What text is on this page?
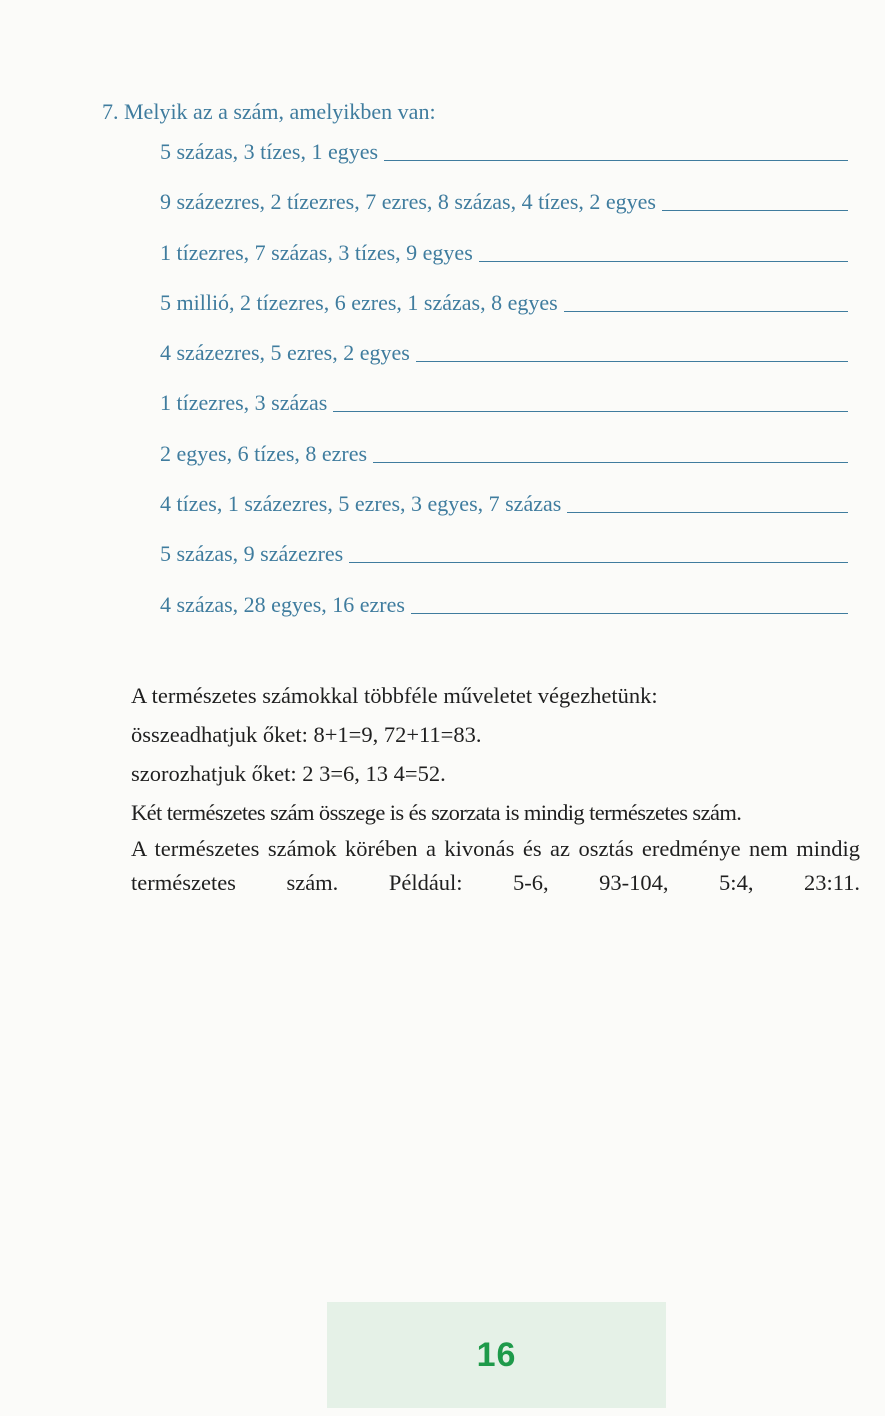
7. Melyik az a szám, amelyikben van:
5 százas, 3 tízes, 1 egyes
9 százezres, 2 tízezres, 7 ezres, 8 százas, 4 tízes, 2 egyes
1 tízezres, 7 százas, 3 tízes, 9 egyes
5 millió, 2 tízezres, 6 ezres, 1 százas, 8 egyes
4 százezres, 5 ezres, 2 egyes
1 tízezres, 3 százas
2 egyes, 6 tízes, 8 ezres
4 tízes, 1 százezres, 5 ezres, 3 egyes, 7 százas
5 százas, 9 százezres
4 százas, 28 egyes, 16 ezres

A természetes számokkal többféle műveletet végezhetünk:

összeadhatjuk őket: 8+1=9, 72+11=83.

szorozhatjuk őket: 2 3=6, 13 4=52.

Két természetes szám összege is és szorzata is mindig természetes szám.

A természetes számok körében a kivonás és az osztás eredménye nem mindig természetes szám. Például: 5-6, 93-104, 5:4, 23:11.

16
